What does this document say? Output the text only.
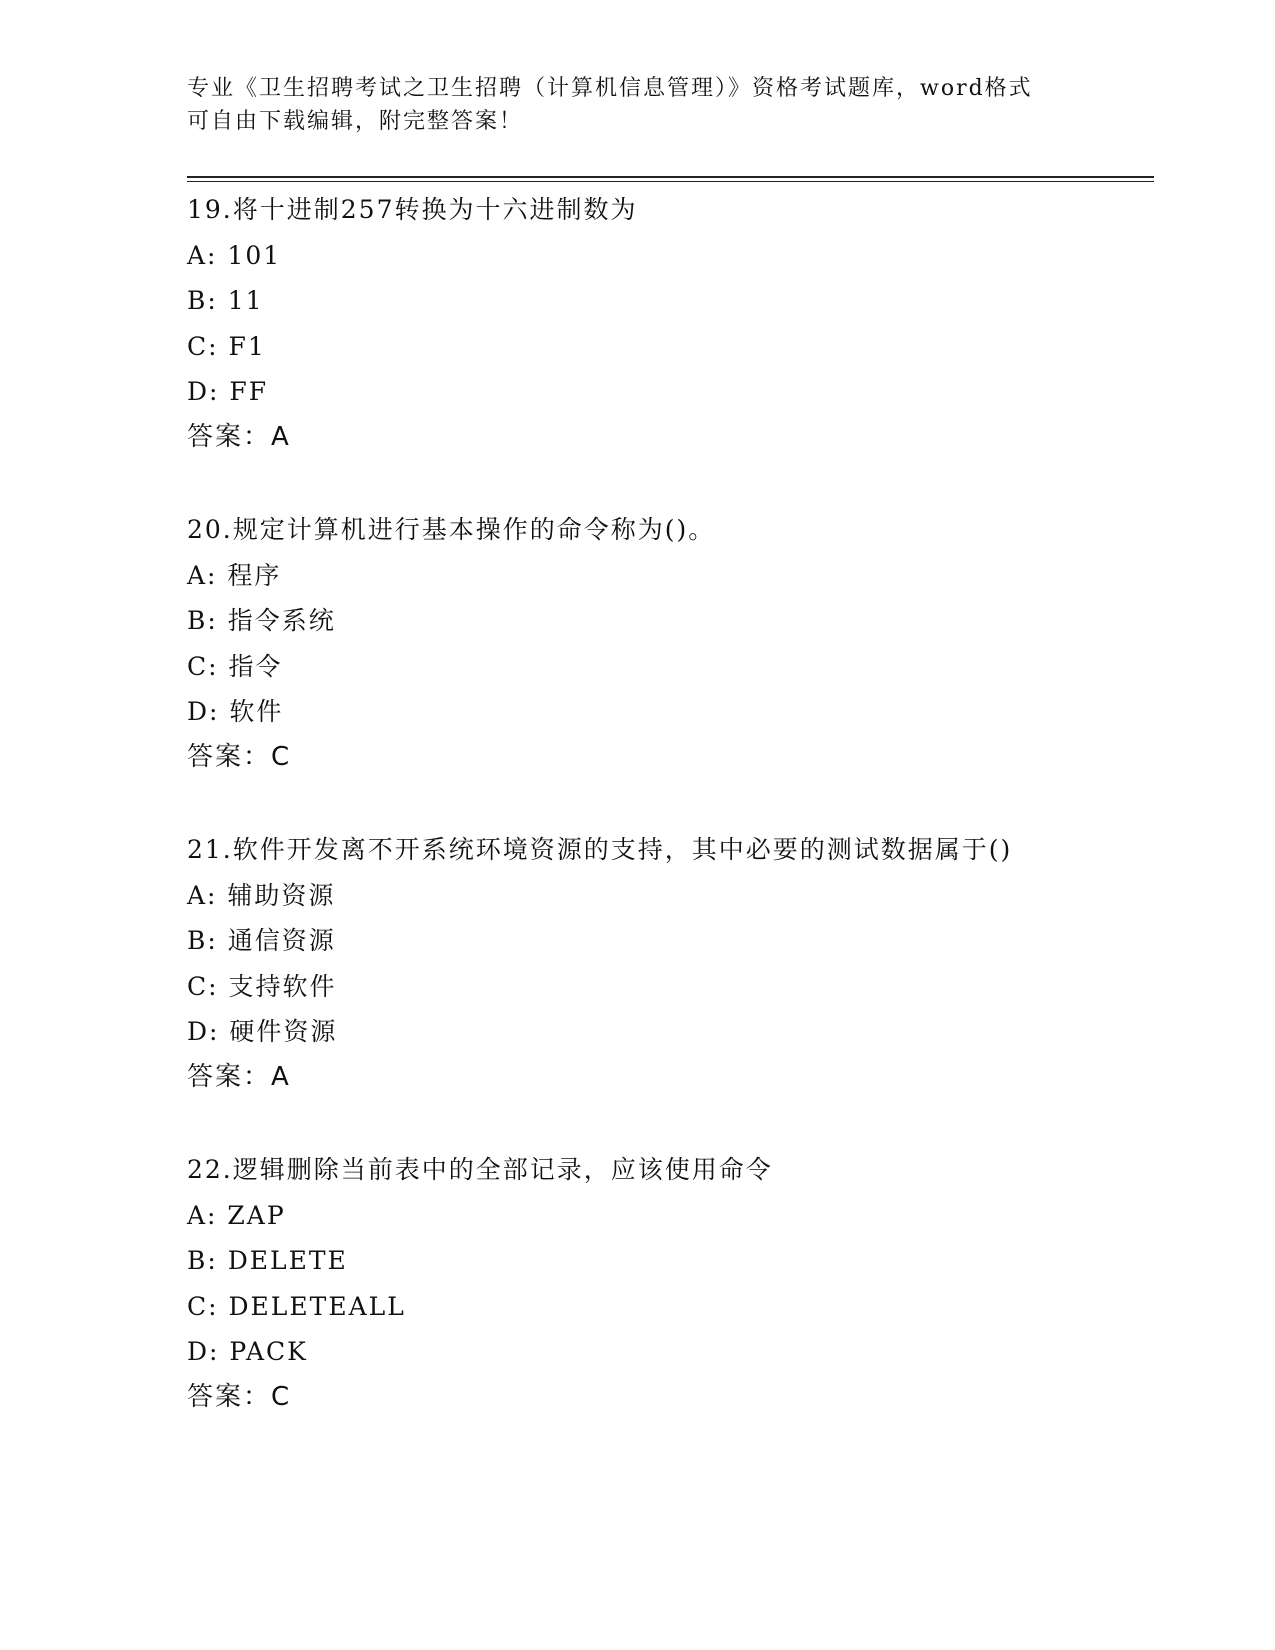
专业《卫生招聘考试之卫生招聘（计算机信息管理）》资格考试题库，word格式
可自由下载编辑，附完整答案！
19.将十进制257转换为十六进制数为
A: 101
B: 11
C: F1
D: FF
答案：A
20.规定计算机进行基本操作的命令称为()。
A: 程序
B: 指令系统
C: 指令
D: 软件
答案：C
21.软件开发离不开系统环境资源的支持，其中必要的测试数据属于()
A: 辅助资源
B: 通信资源
C: 支持软件
D: 硬件资源
答案：A
22.逻辑删除当前表中的全部记录，应该使用命令
A: ZAP
B: DELETE
C: DELETEALL
D: PACK
答案：C
